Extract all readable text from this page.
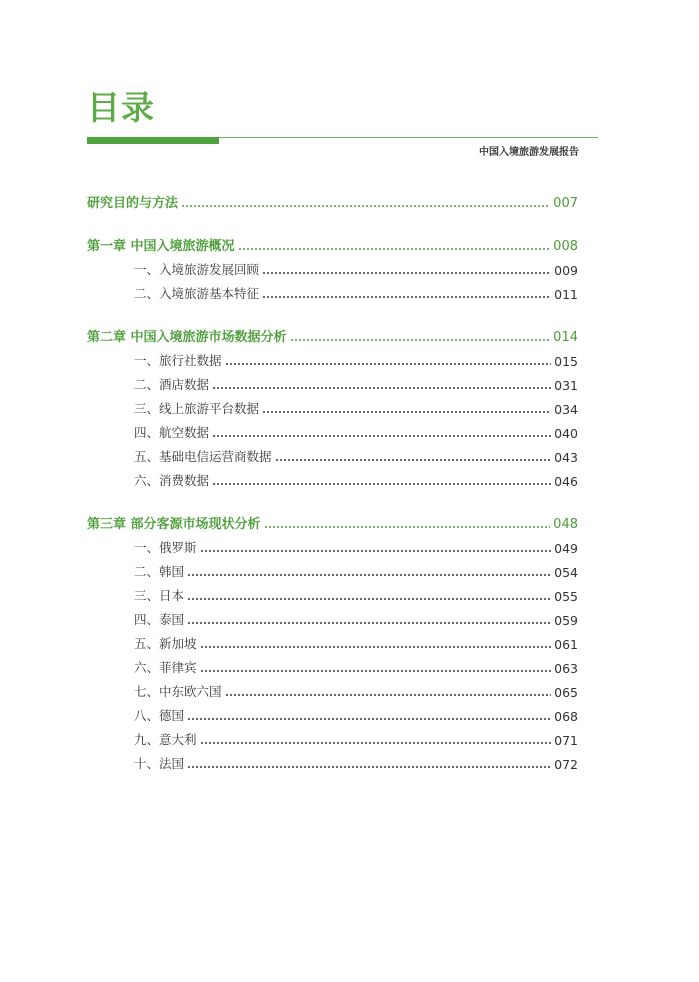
目录
中国入境旅游发展报告
研究目的与方法	007
第一章 中国入境旅游概况	008
一、入境旅游发展回顾	009
二、入境旅游基本特征	011
第二章 中国入境旅游市场数据分析	014
一、旅行社数据	015
二、酒店数据	031
三、线上旅游平台数据	034
四、航空数据	040
五、基础电信运营商数据	043
六、消费数据	046
第三章 部分客源市场现状分析	048
一、俄罗斯	049
二、韩国	054
三、日本	055
四、泰国	059
五、新加坡	061
六、菲律宾	063
七、中东欧六国	065
八、德国	068
九、意大利	071
十、法国	072
